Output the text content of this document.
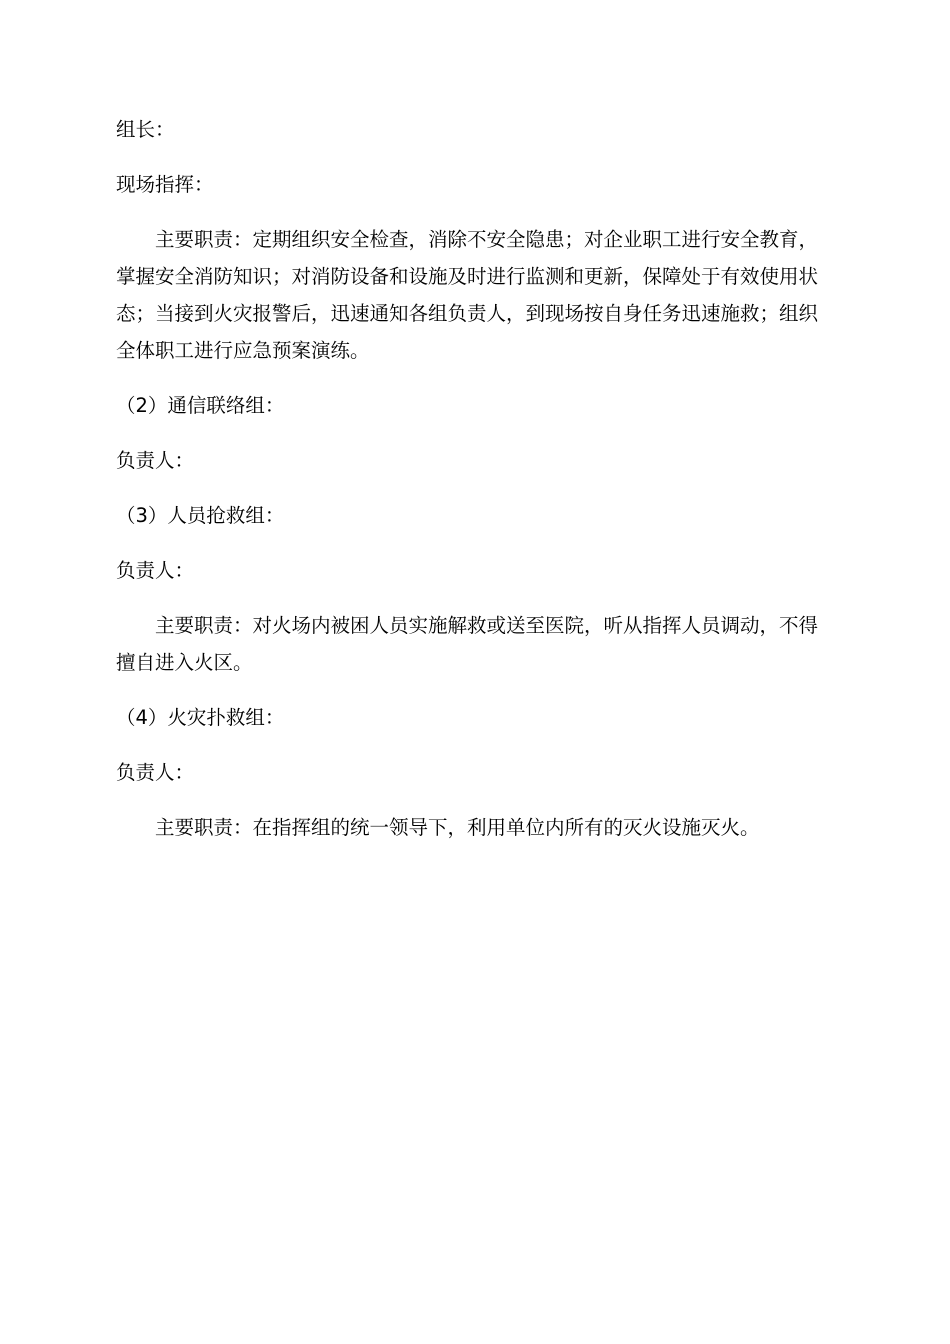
组长：

现场指挥：

主要职责：定期组织安全检查，消除不安全隐患；对企业职工进行安全教育，掌握安全消防知识；对消防设备和设施及时进行监测和更新，保障处于有效使用状态；当接到火灾报警后，迅速通知各组负责人，到现场按自身任务迅速施救；组织全体职工进行应急预案演练。

（2）通信联络组：

负责人：

（3）人员抢救组：

负责人：

主要职责：对火场内被困人员实施解救或送至医院，听从指挥人员调动，不得擅自进入火区。

（4）火灾扑救组：

负责人：

主要职责：在指挥组的统一领导下，利用单位内所有的灭火设施灭火。
